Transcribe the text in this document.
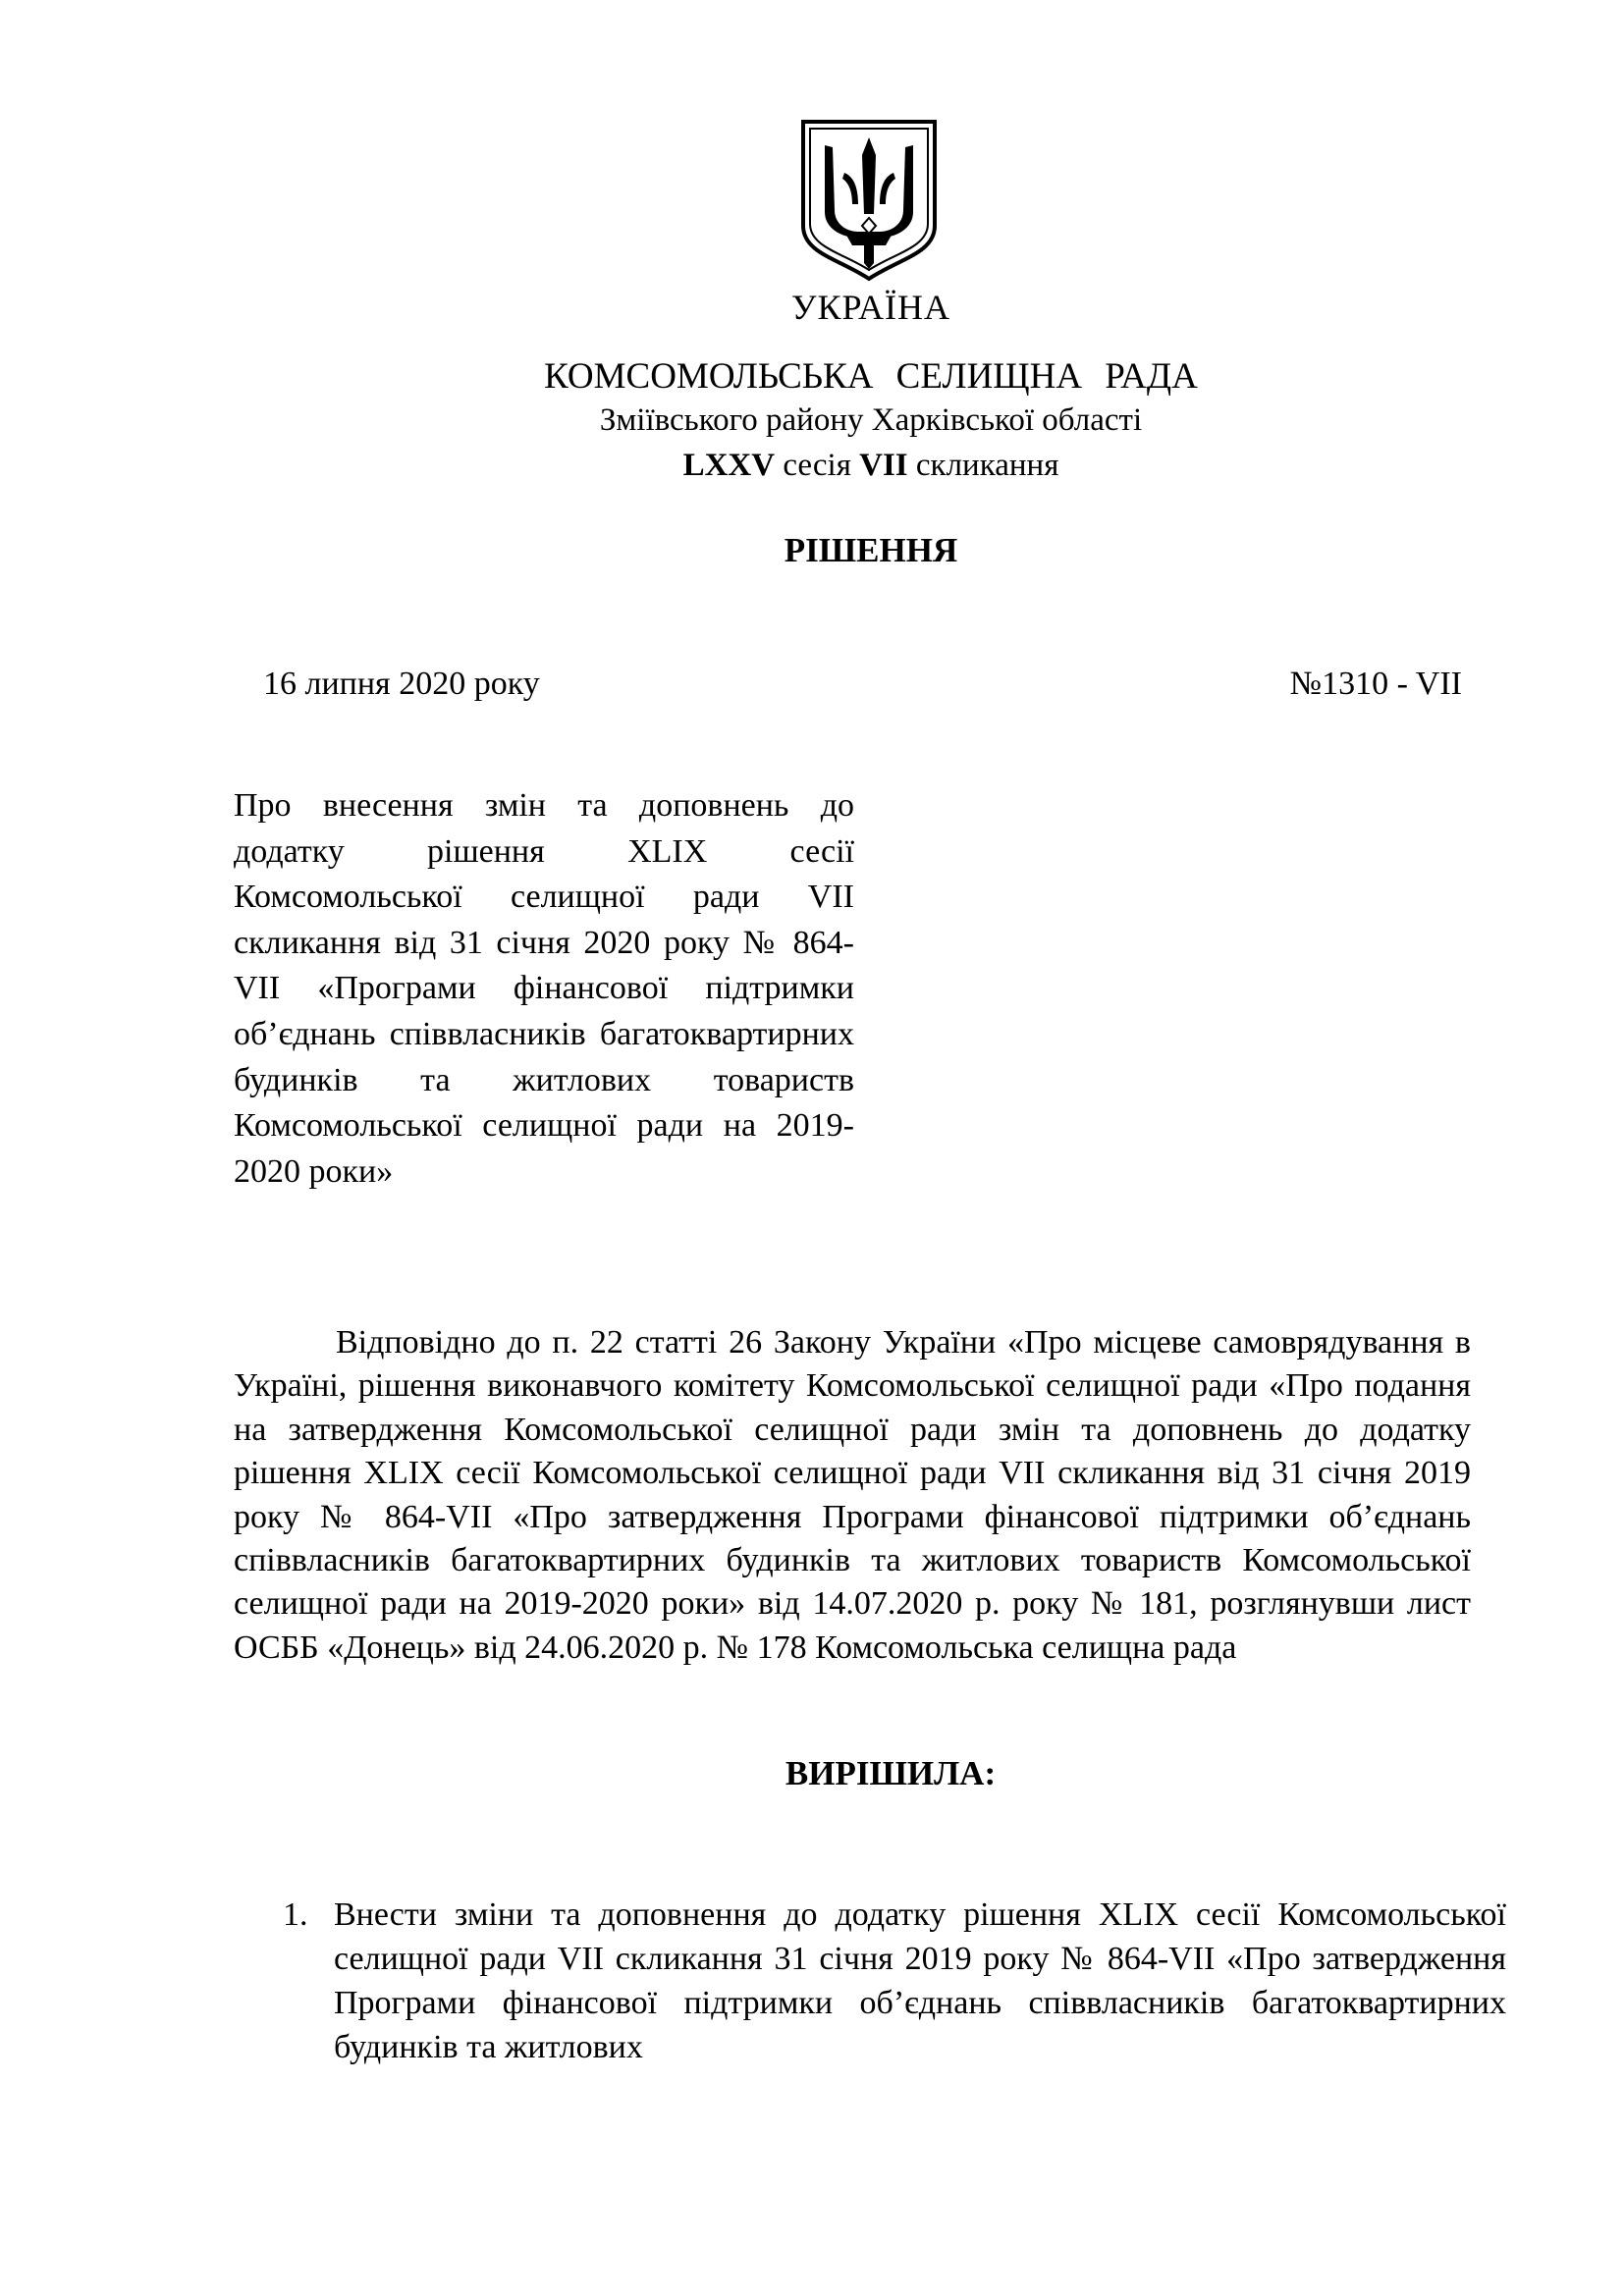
УКРАЇНА
КОМСОМОЛЬСЬКА СЕЛИЩНА РАДА
Зміївського району Харківської області
LXXV сесія VII скликання
РІШЕННЯ
16 липня 2020 року	№1310 - VII
Про внесення змін та доповнень до додатку рішення XLIX сесії Комсомольської селищної ради VII скликання від 31 січня 2020 року № 864-VII «Програми фінансової підтримки об’єднань співвласників багатоквартирних будинків та житлових товариств Комсомольської селищної ради на 2019-2020 роки»
Відповідно до п. 22 статті 26 Закону України «Про місцеве самоврядування в Україні, рішення виконавчого комітету Комсомольської селищної ради «Про подання на затвердження Комсомольської селищної ради змін та доповнень до додатку рішення XLIX сесії Комсомольської селищної ради VII скликання від 31 січня 2019 року № 864-VII «Про затвердження Програми фінансової підтримки об’єднань співвласників багатоквартирних будинків та житлових товариств Комсомольської селищної ради на 2019-2020 роки» від 14.07.2020 р. року № 181, розглянувши лист ОСББ «Донець» від 24.06.2020 р. № 178 Комсомольська селищна рада
ВИРІШИЛА:
1. Внести зміни та доповнення до додатку рішення XLIX сесії Комсомольської селищної ради VII скликання 31 січня 2019 року № 864-VII «Про затвердження Програми фінансової підтримки об’єднань співвласників багатоквартирних будинків та житлових
